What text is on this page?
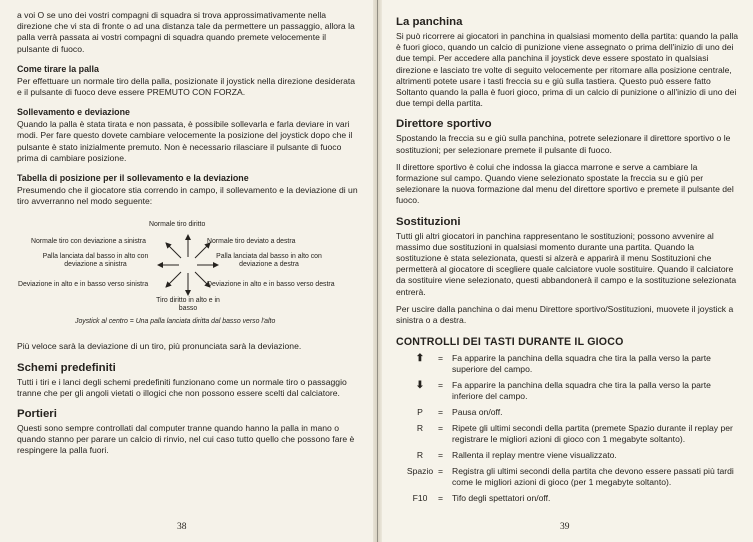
a voi O se uno dei vostri compagni di squadra si trova approssimativamente nella direzione che vi sta di fronte o ad una distanza tale da permettere un passaggio, allora la palla verrà passata ai vostri compagni di squadra quando premete velocemente il pulsante di fuoco.

Come tirare la palla

Per effettuare un normale tiro della palla, posizionate il joystick nella direzione desiderata e il pulsante di fuoco deve essere PREMUTO CON FORZA.

Sollevamento e deviazione

Quando la palla è stata tirata e non passata, è possibile sollevarla e farla deviare in vari modi. Per fare questo dovete cambiare velocemente la posizione del joystick dopo che il pulsante è stato inizialmente premuto. Non è necessario rilasciare il pulsante di fuoco prima di cambiare posizione.

Tabella di posizione per il sollevamento e la deviazione

Presumendo che il giocatore stia correndo in campo, il sollevamento e la deviazione di un tiro avverranno nel modo seguente:

Normale tiro diritto
Normale tiro con deviazione a sinistra	Normale tiro deviato a destra
Palla lanciata dal basso in alto con deviazione a sinistra
Palla lanciata dal basso in alto con deviazione a destra
Deviazione in alto e in basso verso sinistra	Deviazione in alto e in basso verso destra
Tiro diritto in alto e in basso
Joystick al centro = Una palla lanciata diritta dal basso verso l'alto

Più veloce sarà la deviazione di un tiro, più pronunciata sarà la deviazione.

Schemi predefiniti

Tutti i tiri e i lanci degli schemi predefiniti funzionano come un normale tiro o passaggio tranne che per gli angoli vietati o illogici che non possono essere scelti dal calciatore.

Portieri

Questi sono sempre controllati dal computer tranne quando hanno la palla in mano o quando stanno per parare un calcio di rinvio, nel cui caso tutto quello che possono fare è respingere la palla fuori.

38
La panchina

Si può ricorrere ai giocatori in panchina in qualsiasi momento della partita: quando la palla è fuori gioco, quando un calcio di punizione viene assegnato o prima dell'inizio di uno dei due tempi. Per accedere alla panchina il joystick deve essere spostato in qualsiasi direzione e lasciato tre volte di seguito velocemente per ritornare alla posizione centrale, altrimenti potete usare i tasti freccia su e giù sulla tastiera. Questo può essere fatto Soltanto quando la palla è fuori gioco, prima di un calcio di punizione o all'inizio di uno dei due tempi della partita.

Direttore sportivo

Spostando la freccia su e giù sulla panchina, potrete selezionare il direttore sportivo o le sostituzioni; per selezionare premete il pulsante di fuoco.

Il direttore sportivo è colui che indossa la giacca marrone e serve a cambiare la formazione sul campo. Quando viene selezionato spostate la freccia su e giù per selezionare la nuova formazione dal menu del direttore sportivo e premete il pulsante del fuoco.

Sostituzioni

Tutti gli altri giocatori in panchina rappresentano le sostituzioni; possono avvenire al massimo due sostituzioni in qualsiasi momento durante una partita. Quando la sostituzione è stata selezionata, questi si alzerà e apparirà il menu Sostituzioni che permetterà al giocatore di scegliere quale calciatore vuole sostituire. Quando il calciatore da sostituire viene selezionato, questi abbandonerà il campo e la sostituzione selezionata entrerà.

Per uscire dalla panchina o dai menu Direttore sportivo/Sostituzioni, muovete il joystick a sinistra o a destra.

CONTROLLI DEI TASTI DURANTE IL GIOCO
⬆	=	Fa apparire la panchina della squadra che tira la palla verso la parte superiore del campo.
⬇	=	Fa apparire la panchina della squadra che tira la palla verso la parte inferiore del campo.
P	=	Pausa on/off.
R	=	Ripete gli ultimi secondi della partita (premete Spazio durante il replay per registrare le migliori azioni di gioco con 1 megabyte soltanto).
R	=	Rallenta il replay mentre viene visualizzato.
Spazio =	Registra gli ultimi secondi della partita che devono essere passati più tardi come le migliori azioni di gioco (per 1 megabyte soltanto).
F10	=	Tifo degli spettatori on/off.
39
